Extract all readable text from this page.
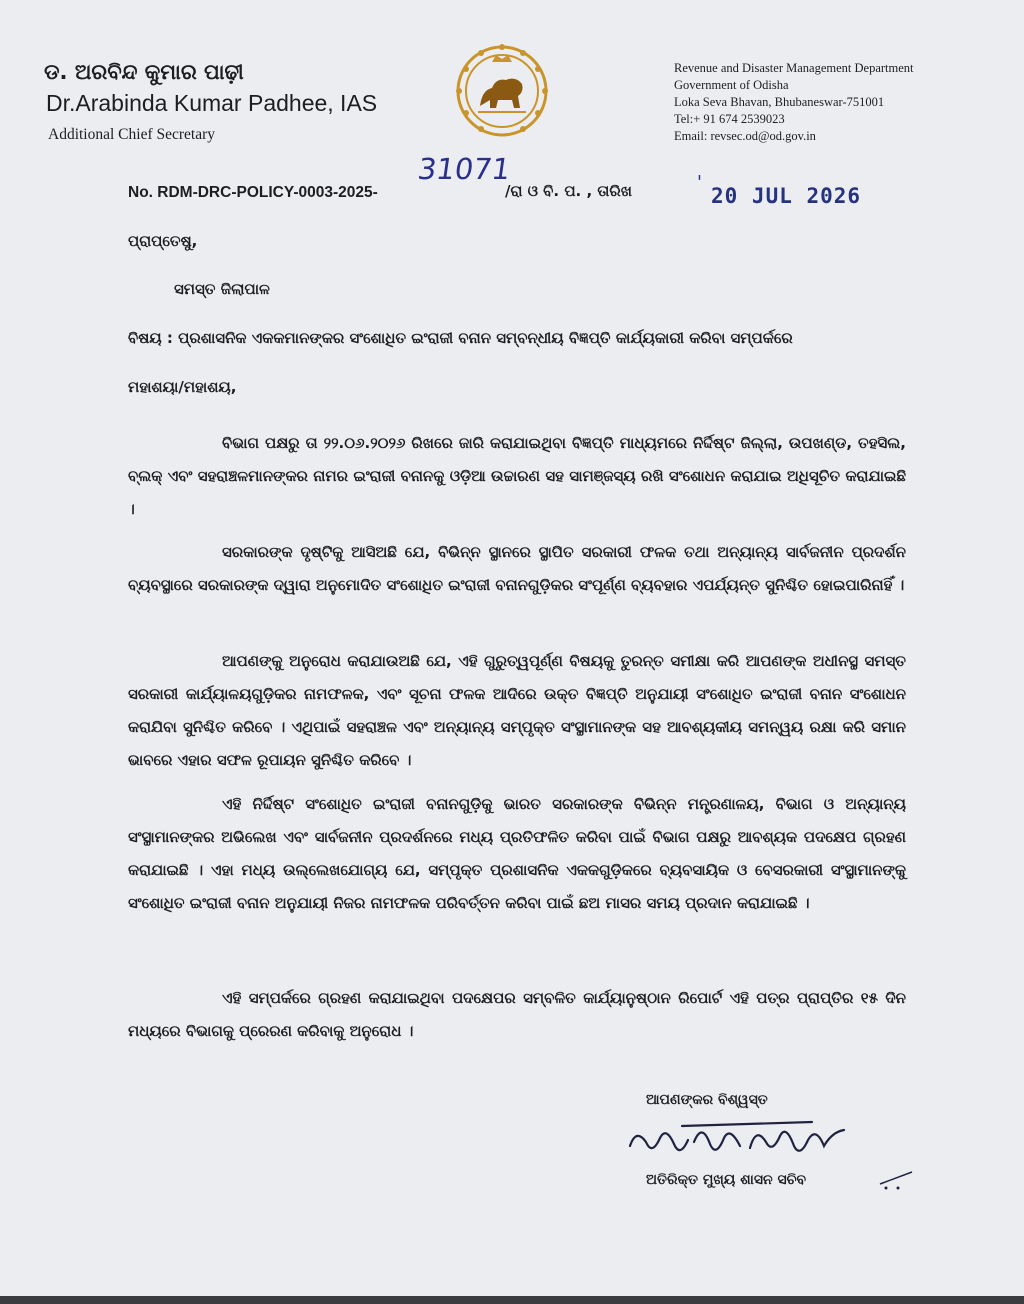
ଡ. ଅରବିନ୍ଦ କୁମାର ପାଢ଼ୀ
Dr.Arabinda Kumar Padhee, IAS
Additional Chief Secretary
Revenue and Disaster Management Department
Government of Odisha
Loka Seva Bhavan, Bhubaneswar-751001
Tel:+ 91 674 2539023
Email: revsec.od@od.gov.in
No. RDM-DRC-POLICY-0003-2025-
31071
/ରା ଓ ବି. ପ. , ତାରିଖ	'
20 JUL 2026
ପ୍ରାପ୍ତେଷୁ,
ସମସ୍ତ ଜିଲାପାଳ
ବିଷୟ : ପ୍ରଶାସନିକ ଏକକମାନଙ୍କର ସଂଶୋଧିତ ଇଂରାଜୀ ବନାନ ସମ୍ବନ୍ଧୀୟ ବିଜ୍ଞପ୍ତି କାର୍ଯ୍ୟକାରୀ କରିବା ସମ୍ପର୍କରେ
ମହାଶୟା/ମହାଶୟ,
ବିଭାଗ ପକ୍ଷରୁ ତା ୨୨.୦୬.୨୦୨୬ ରିଖରେ ଜାରି କରାଯାଇଥିବା ବିଜ୍ଞପ୍ତି ମାଧ୍ୟମରେ ନିର୍ଦ୍ଦିଷ୍ଟ ଜିଲ୍ଲା, ଉପଖଣ୍ଡ, ତହସିଲ, ବ୍ଲକ୍ ଏବଂ ସହରାଞ୍ଚଳମାନଙ୍କର ନାମର ଇଂରାଜୀ ବନାନକୁ ଓଡ଼ିଆ ଉଚ୍ଚାରଣ ସହ ସାମଞ୍ଜସ୍ୟ ରଖି ସଂଶୋଧନ କରାଯାଇ ଅଧିସୂଚିତ କରାଯାଇଛି ।
ସରକାରଙ୍କ ଦୃଷ୍ଟିକୁ ଆସିଅଛି ଯେ, ବିଭିନ୍ନ ସ୍ଥାନରେ ସ୍ଥାପିତ ସରକାରୀ ଫଳକ ତଥା ଅନ୍ୟାନ୍ୟ ସାର୍ବଜନୀନ ପ୍ରଦର୍ଶନ ବ୍ୟବସ୍ଥାରେ ସରକାରଙ୍କ ଦ୍ୱାରା ଅନୁମୋଦିତ ସଂଶୋଧିତ ଇଂରାଜୀ ବନାନଗୁଡ଼ିକର ସଂପୂର୍ଣ୍ଣ ବ୍ୟବହାର ଏପର୍ଯ୍ୟନ୍ତ ସୁନିଶ୍ଚିତ ହୋଇପାରିନାହିଁ ।
ଆପଣଙ୍କୁ ଅନୁରୋଧ କରାଯାଉଅଛି ଯେ, ଏହି ଗୁରୁତ୍ୱପୂର୍ଣ୍ଣ ବିଷୟକୁ ତୁରନ୍ତ ସମୀକ୍ଷା କରି ଆପଣଙ୍କ ଅଧୀନସ୍ଥ ସମସ୍ତ ସରକାରୀ କାର୍ଯ୍ୟାଳୟଗୁଡ଼ିକର ନାମଫଳକ, ଏବଂ ସୂଚନା ଫଳକ ଆଦିରେ ଉକ୍ତ ବିଜ୍ଞପ୍ତି ଅନୁଯାୟୀ ସଂଶୋଧିତ ଇଂରାଜୀ ବନାନ ସଂଶୋଧନ କରାଯିବା ସୁନିଶ୍ଚିତ କରିବେ । ଏଥିପାଇଁ ସହରାଞ୍ଚଳ ଏବଂ ଅନ୍ୟାନ୍ୟ ସମ୍ପୃକ୍ତ ସଂସ୍ଥାମାନଙ୍କ ସହ ଆବଶ୍ୟକୀୟ ସମନ୍ୱୟ ରକ୍ଷା କରି ସମାନ ଭାବରେ ଏହାର ସଫଳ ରୂପାୟନ ସୁନିଶ୍ଚିତ କରିବେ ।
ଏହି ନିର୍ଦ୍ଦିଷ୍ଟ ସଂଶୋଧିତ ଇଂରାଜୀ ବନାନଗୁଡ଼ିକୁ ଭାରତ ସରକାରଙ୍କ ବିଭିନ୍ନ ମନ୍ତ୍ରଣାଳୟ, ବିଭାଗ ଓ ଅନ୍ୟାନ୍ୟ ସଂସ୍ଥାମାନଙ୍କର ଅଭିଲେଖ ଏବଂ ସାର୍ବଜନୀନ ପ୍ରଦର୍ଶନରେ ମଧ୍ୟ ପ୍ରତିଫଳିତ କରିବା ପାଇଁ ବିଭାଗ ପକ୍ଷରୁ ଆବଶ୍ୟକ ପଦକ୍ଷେପ ଗ୍ରହଣ କରାଯାଇଛି । ଏହା ମଧ୍ୟ ଉଲ୍ଲେଖଯୋଗ୍ୟ ଯେ, ସମ୍ପୃକ୍ତ ପ୍ରଶାସନିକ ଏକକଗୁଡ଼ିକରେ ବ୍ୟବସାୟିକ ଓ ବେସରକାରୀ ସଂସ୍ଥାମାନଙ୍କୁ ସଂଶୋଧିତ ଇଂରାଜୀ ବନାନ ଅନୁଯାୟୀ ନିଜର ନାମଫଳକ ପରିବର୍ତ୍ତନ କରିବା ପାଇଁ ଛଅ ମାସର ସମୟ ପ୍ରଦାନ କରାଯାଇଛି ।
ଏହି ସମ୍ପର୍କରେ ଗ୍ରହଣ କରାଯାଇଥିବା ପଦକ୍ଷେପର ସମ୍ବଳିତ କାର୍ଯ୍ୟାନୁଷ୍ଠାନ ରିପୋର୍ଟ ଏହି ପତ୍ର ପ୍ରାପ୍ତିର ୧୫ ଦିନ ମଧ୍ୟରେ ବିଭାଗକୁ ପ୍ରେରଣ କରିବାକୁ ଅନୁରୋଧ ।
ଆପଣଙ୍କର ବିଶ୍ୱସ୍ତ
ଅତିରିକ୍ତ ମୁଖ୍ୟ ଶାସନ ସଚିବ
